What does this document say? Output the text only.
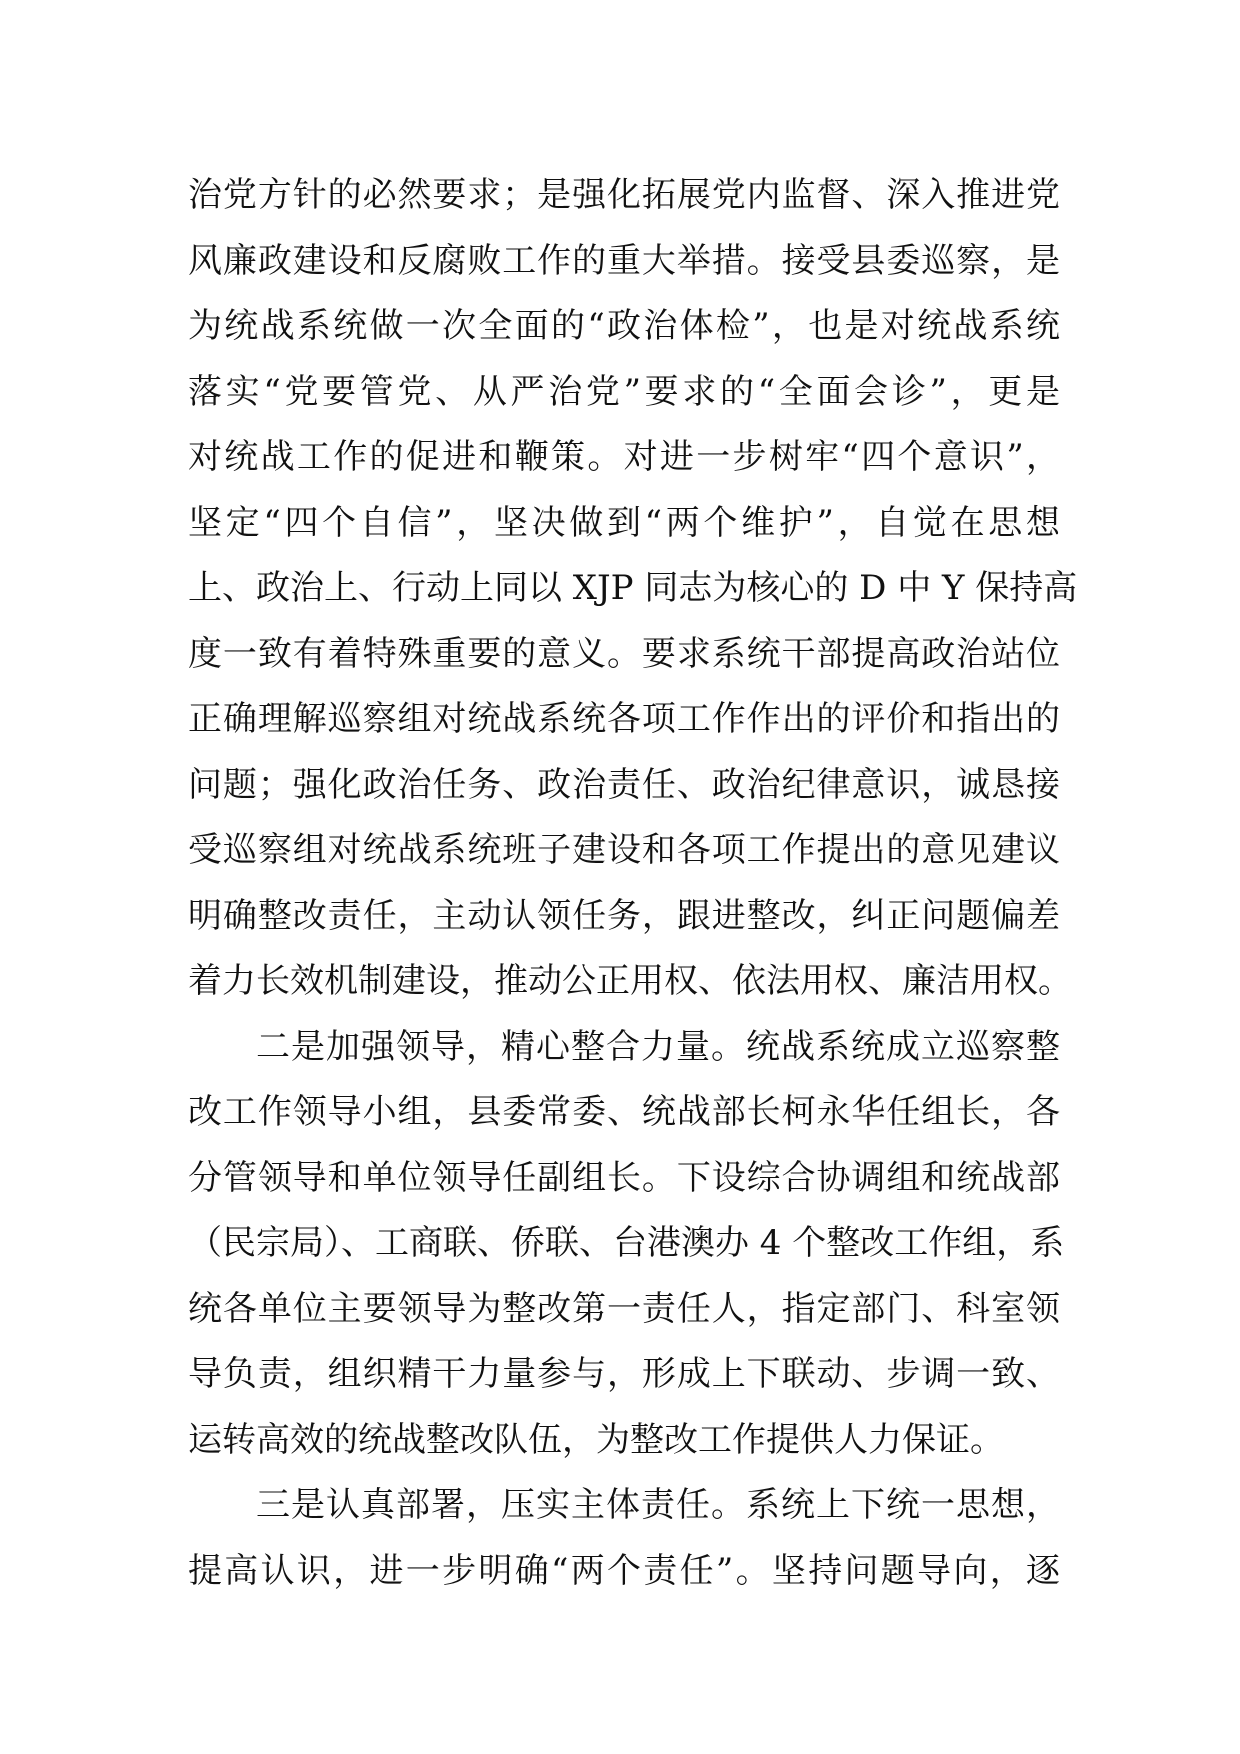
治党方针的必然要求；是强化拓展党内监督、深入推进党
风廉政建设和反腐败工作的重大举措。接受县委巡察，是
为统战系统做一次全面的“政治体检”，也是对统战系统
落实“党要管党、从严治党”要求的“全面会诊”，更是
对统战工作的促进和鞭策。对进一步树牢“四个意识”，
坚定“四个自信”，坚决做到“两个维护”，自觉在思想
上、政治上、行动上同以 XJP 同志为核心的 D 中 Y 保持高
度一致有着特殊重要的意义。要求系统干部提高政治站位
正确理解巡察组对统战系统各项工作作出的评价和指出的
问题；强化政治任务、政治责任、政治纪律意识，诚恳接
受巡察组对统战系统班子建设和各项工作提出的意见建议
明确整改责任，主动认领任务，跟进整改，纠正问题偏差
着力长效机制建设，推动公正用权、依法用权、廉洁用权。
二是加强领导，精心整合力量。统战系统成立巡察整
改工作领导小组，县委常委、统战部长柯永华任组长，各
分管领导和单位领导任副组长。下设综合协调组和统战部
（民宗局）、工商联、侨联、台港澳办 4 个整改工作组，系
统各单位主要领导为整改第一责任人，指定部门、科室领
导负责，组织精干力量参与，形成上下联动、步调一致、
运转高效的统战整改队伍，为整改工作提供人力保证。
三是认真部署，压实主体责任。系统上下统一思想，
提高认识，进一步明确“两个责任”。坚持问题导向，逐
